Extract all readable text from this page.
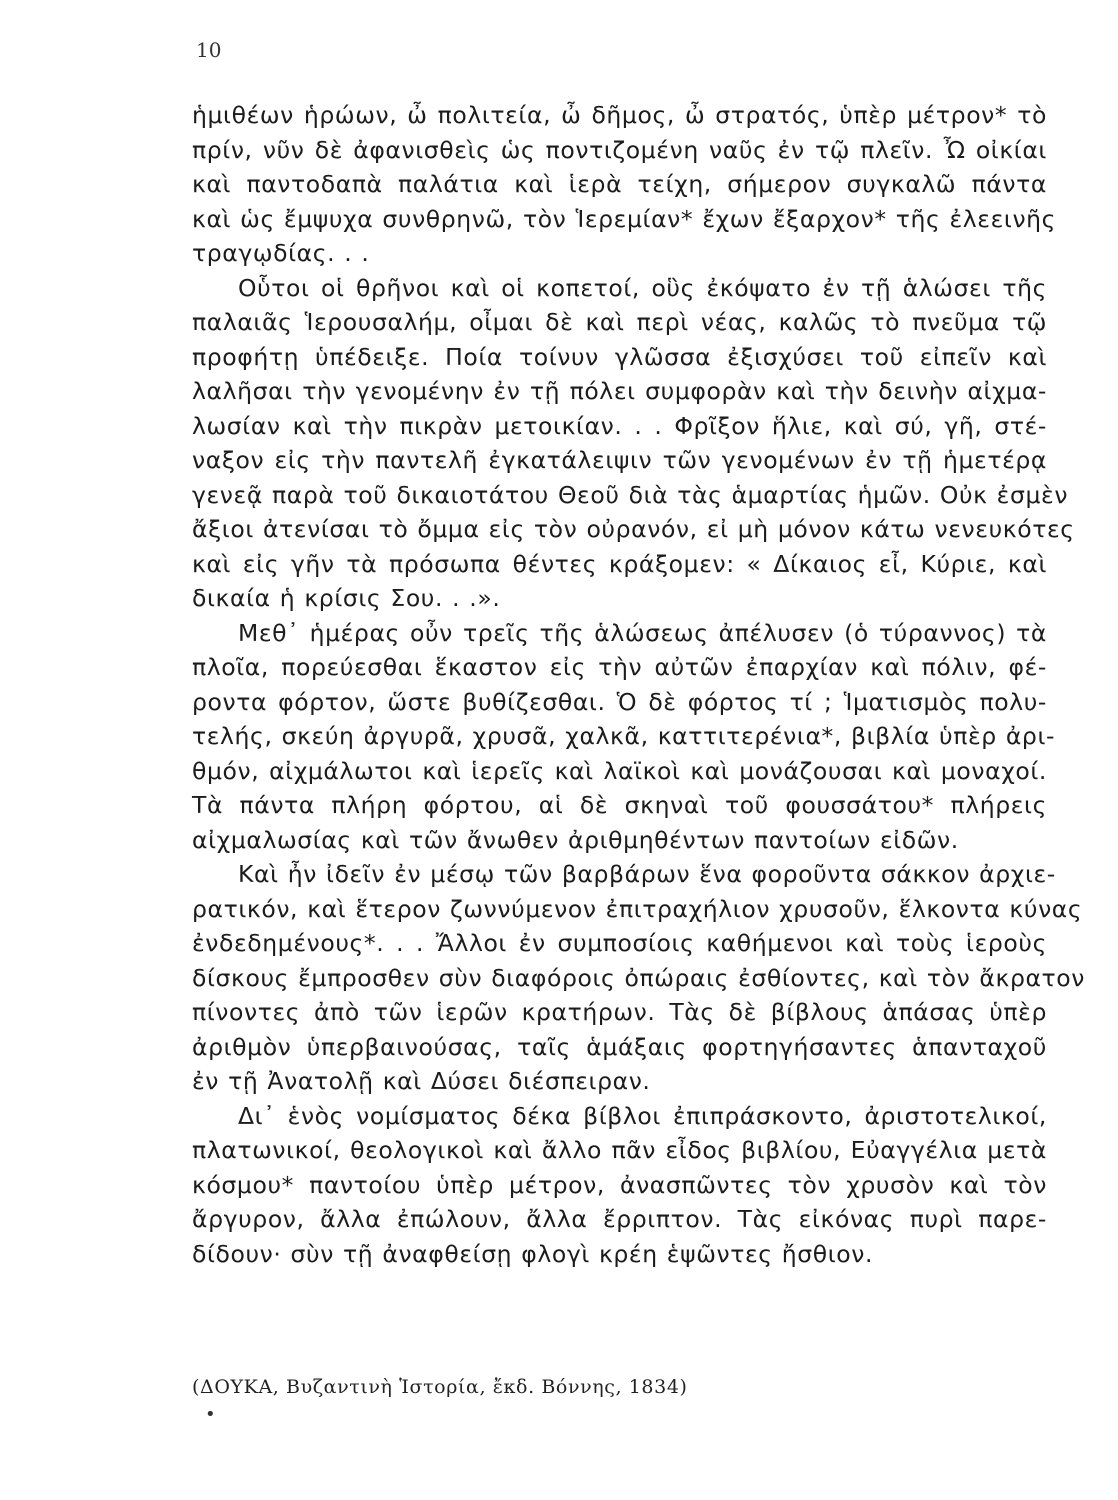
10
ἡμιθέων ἡρώων, ὦ πολιτεία, ὦ δῆμος, ὦ στρατός, ὑπὲρ μέτρον* τὸ
πρίν, νῦν δὲ ἀφανισθεὶς ὡς ποντιζομένη ναῦς ἐν τῷ πλεῖν. Ὦ οἰκίαι
καὶ παντοδαπὰ παλάτια καὶ ἱερὰ τείχη, σήμερον συγκαλῶ πάντα
καὶ ὡς ἔμψυχα συνθρηνῶ, τὸν Ἱερεμίαν* ἔχων ἔξαρχον* τῆς ἐλεεινῆς
τραγῳδίας. . .
Οὗτοι οἱ θρῆνοι καὶ οἱ κοπετοί, οὓς ἐκόψατο ἐν τῇ ἁλώσει τῆς
παλαιᾶς Ἱερουσαλήμ, οἶμαι δὲ καὶ περὶ νέας, καλῶς τὸ πνεῦμα τῷ
προφήτῃ ὑπέδειξε. Ποία τοίνυν γλῶσσα ἐξισχύσει τοῦ εἰπεῖν καὶ
λαλῆσαι τὴν γενομένην ἐν τῇ πόλει συμφορὰν καὶ τὴν δεινὴν αἰχμα-
λωσίαν καὶ τὴν πικρὰν μετοικίαν. . . Φρῖξον ἥλιε, καὶ σύ, γῆ, στέ-
ναξον εἰς τὴν παντελῆ ἐγκατάλειψιν τῶν γενομένων ἐν τῇ ἡμετέρᾳ
γενεᾷ παρὰ τοῦ δικαιοτάτου Θεοῦ διὰ τὰς ἁμαρτίας ἡμῶν. Οὐκ ἐσμὲν
ἄξιοι ἀτενίσαι τὸ ὄμμα εἰς τὸν οὐρανόν, εἰ μὴ μόνον κάτω νενευκότες
καὶ εἰς γῆν τὰ πρόσωπα θέντες κράξομεν: « Δίκαιος εἶ, Κύριε, καὶ
δικαία ἡ κρίσις Σου. . .».
Μεθ᾽ ἡμέρας οὖν τρεῖς τῆς ἁλώσεως ἀπέλυσεν (ὁ τύραννος) τὰ
πλοῖα, πορεύεσθαι ἕκαστον εἰς τὴν αὐτῶν ἐπαρχίαν καὶ πόλιν, φέ-
ροντα φόρτον, ὥστε βυθίζεσθαι. Ὁ δὲ φόρτος τί ; Ἱματισμὸς πολυ-
τελής, σκεύη ἀργυρᾶ, χρυσᾶ, χαλκᾶ, καττιτερένια*, βιβλία ὑπὲρ ἀρι-
θμόν, αἰχμάλωτοι καὶ ἱερεῖς καὶ λαϊκοὶ καὶ μονάζουσαι καὶ μοναχοί.
Τὰ πάντα πλήρη φόρτου, αἱ δὲ σκηναὶ τοῦ φουσσάτου* πλήρεις
αἰχμαλωσίας καὶ τῶν ἄνωθεν ἀριθμηθέντων παντοίων εἰδῶν.
Καὶ ἦν ἰδεῖν ἐν μέσῳ τῶν βαρβάρων ἕνα φοροῦντα σάκκον ἀρχιε-
ρατικόν, καὶ ἕτερον ζωννύμενον ἐπιτραχήλιον χρυσοῦν, ἕλκοντα κύνας
ἐνδεδημένους*. . . Ἄλλοι ἐν συμποσίοις καθήμενοι καὶ τοὺς ἱεροὺς
δίσκους ἔμπροσθεν σὺν διαφόροις ὀπώραις ἐσθίοντες, καὶ τὸν ἄκρατον
πίνοντες ἀπὸ τῶν ἱερῶν κρατήρων. Τὰς δὲ βίβλους ἁπάσας ὑπὲρ
ἀριθμὸν ὑπερβαινούσας, ταῖς ἁμάξαις φορτηγήσαντες ἁπανταχοῦ
ἐν τῇ Ἀνατολῇ καὶ Δύσει διέσπειραν.
Δι᾽ ἑνὸς νομίσματος δέκα βίβλοι ἐπιπράσκοντο, ἀριστοτελικοί,
πλατωνικοί, θεολογικοὶ καὶ ἄλλο πᾶν εἶδος βιβλίου, Εὐαγγέλια μετὰ
κόσμου* παντοίου ὑπὲρ μέτρον, ἀνασπῶντες τὸν χρυσὸν καὶ τὸν
ἄργυρον, ἄλλα ἐπώλουν, ἄλλα ἔρριπτον. Τὰς εἰκόνας πυρὶ παρε-
δίδουν· σὺν τῇ ἀναφθείσῃ φλογὶ κρέη ἑψῶντες ἤσθιον.
(ΔΟΥΚΑ, Βυζαντινὴ Ἱστορία, ἔκδ. Βόννης, 1834)
•
